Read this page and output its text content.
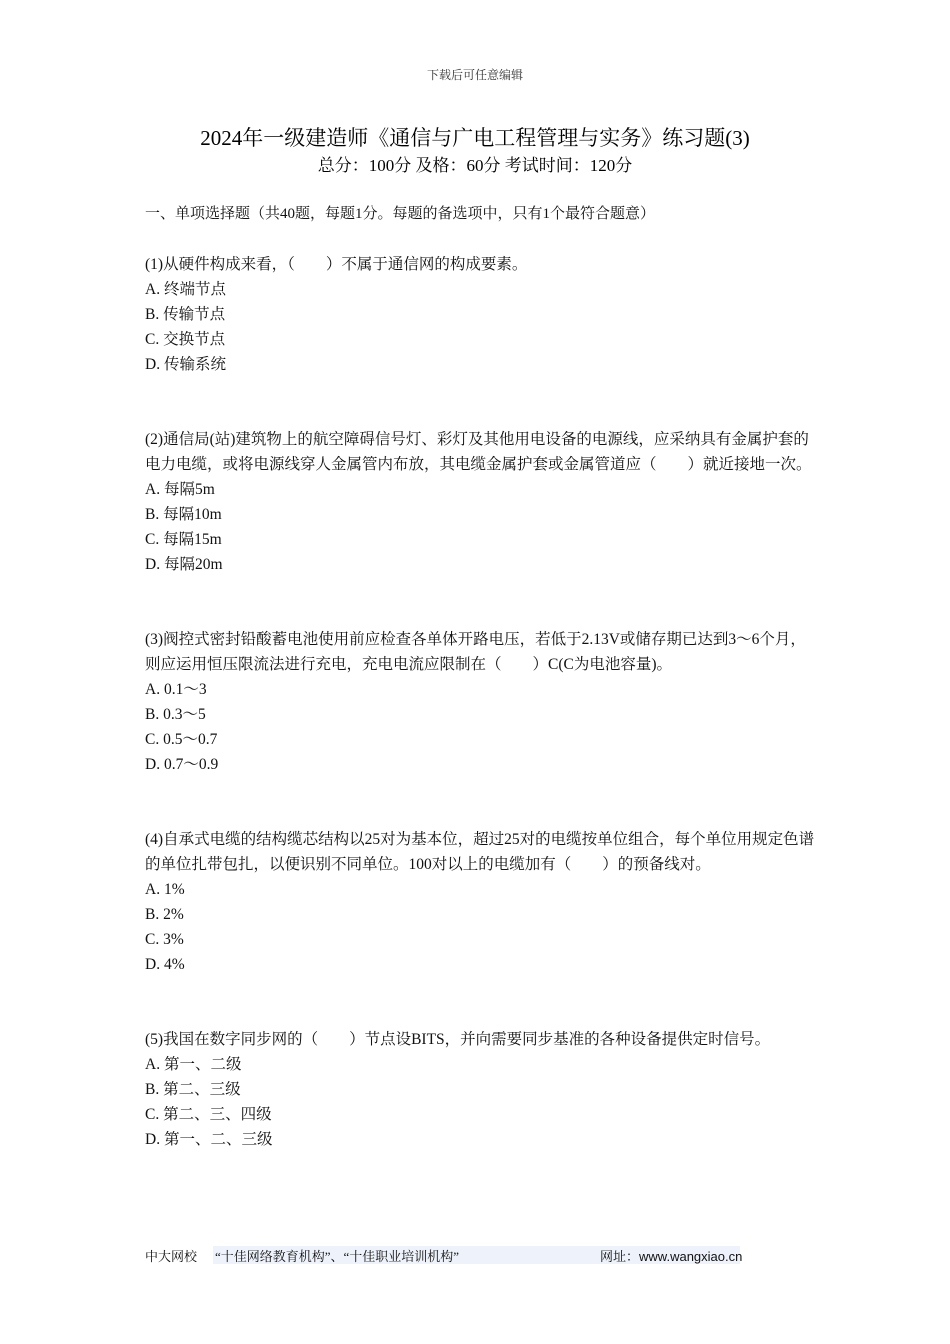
下载后可任意编辑
2024年一级建造师《通信与广电工程管理与实务》练习题(3)
总分：100分 及格：60分 考试时间：120分
一、单项选择题（共40题，每题1分。每题的备选项中，只有1个最符合题意）

(1)从硬件构成来看，（　　）不属于通信网的构成要素。

A. 终端节点

B. 传输节点

C. 交换节点

D. 传输系统

(2)通信局(站)建筑物上的航空障碍信号灯、彩灯及其他用电设备的电源线，应采纳具有金属护套的电力电缆，或将电源线穿人金属管内布放，其电缆金属护套或金属管道应（　　）就近接地一次。

A. 每隔5m

B. 每隔10m

C. 每隔15m

D. 每隔20m

(3)阀控式密封铅酸蓄电池使用前应检查各单体开路电压，若低于2.13V或储存期已达到3～6个月，则应运用恒压限流法进行充电，充电电流应限制在（　　）C(C为电池容量)。

A. 0.1～3

B. 0.3～5

C. 0.5～0.7

D. 0.7～0.9

(4)自承式电缆的结构缆芯结构以25对为基本位，超过25对的电缆按单位组合，每个单位用规定色谱的单位扎带包扎，以便识别不同单位。100对以上的电缆加有（　　）的预备线对。

A. 1%

B. 2%

C. 3%

D. 4%

(5)我国在数字同步网的（　　）节点设BITS，并向需要同步基准的各种设备提供定时信号。

A. 第一、二级

B. 第二、三级

C. 第二、三、四级

D. 第一、二、三级

中大网校 “十佳网络教育机构”、“十佳职业培训机构”	网址：www.wangxiao.cn
